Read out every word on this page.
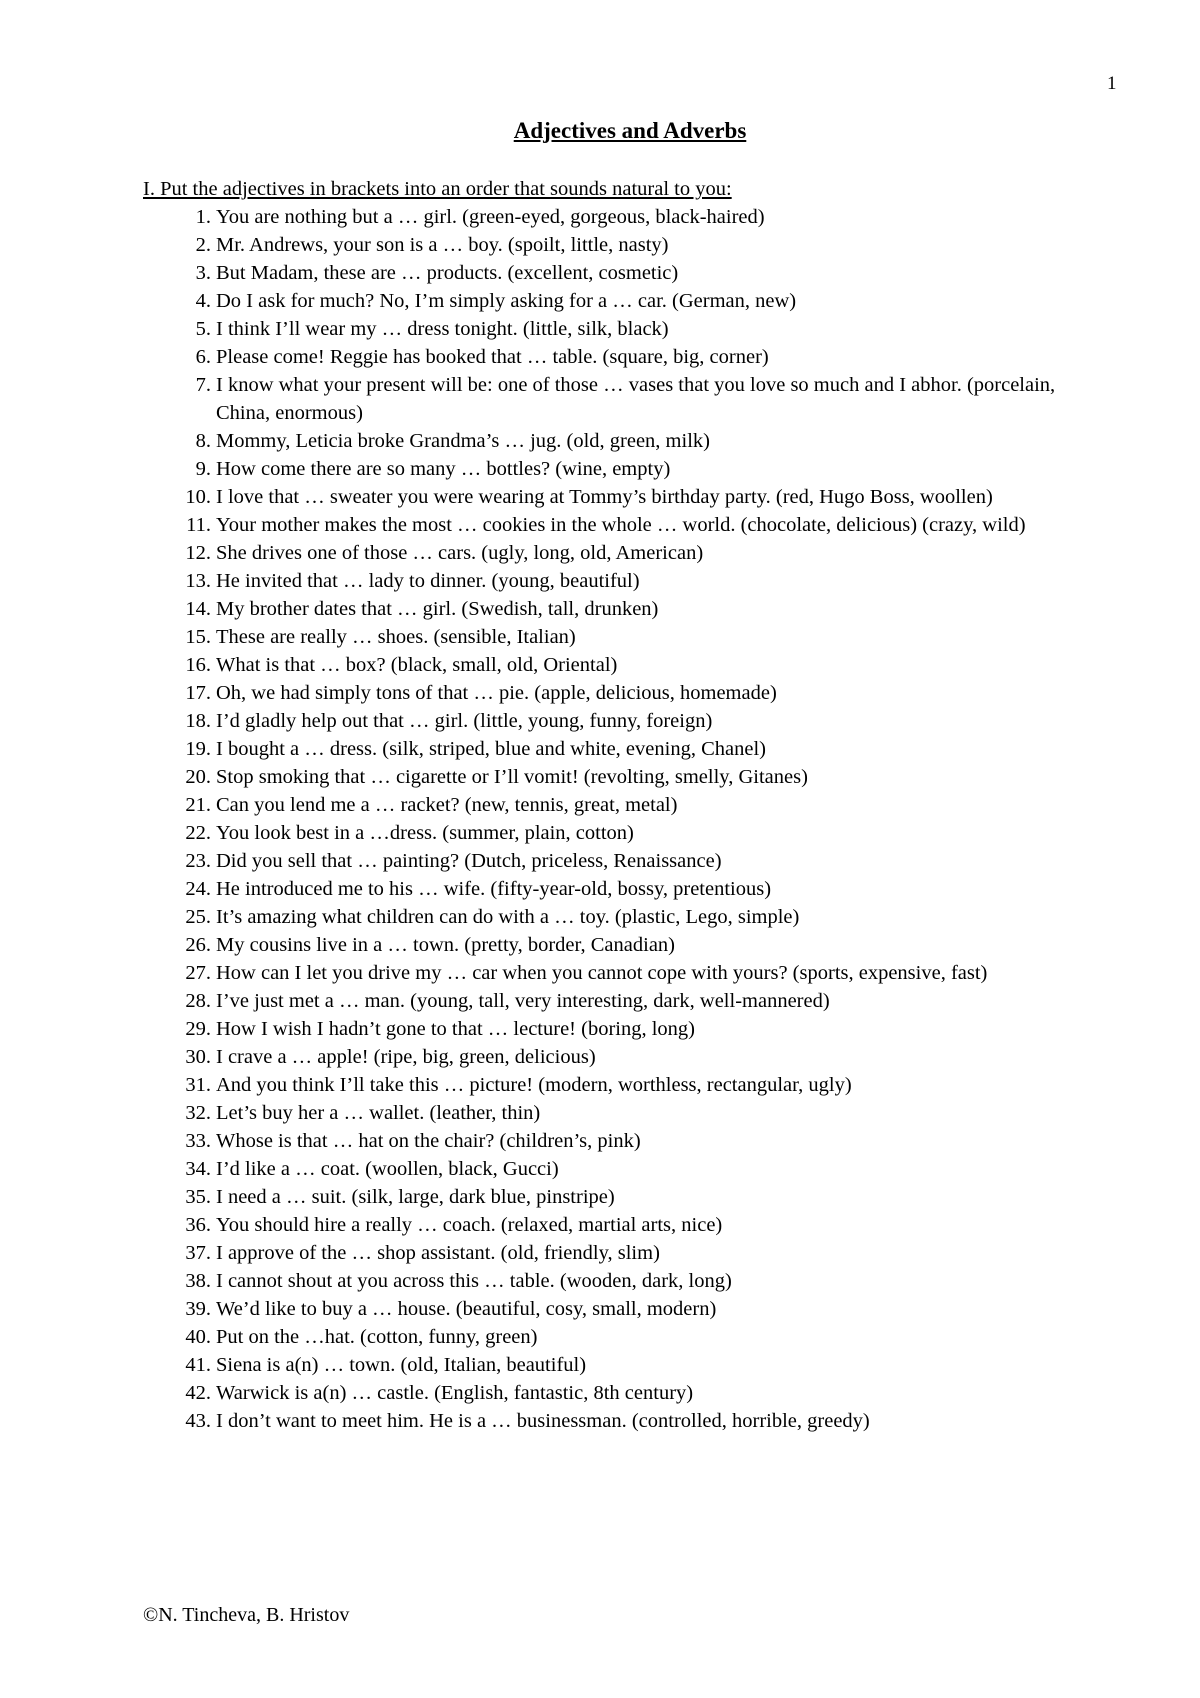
1
Adjectives and Adverbs
I. Put the adjectives in brackets into an order that sounds natural to you:
1. You are nothing but a … girl. (green-eyed, gorgeous, black-haired)
2. Mr. Andrews, your son is a … boy. (spoilt, little, nasty)
3. But Madam, these are … products. (excellent, cosmetic)
4. Do I ask for much? No, I’m simply asking for a … car. (German, new)
5. I think I’ll wear my … dress tonight. (little, silk, black)
6. Please come! Reggie has booked that … table. (square, big, corner)
7. I know what your present will be: one of those … vases that you love so much and I abhor. (porcelain, China, enormous)
8. Mommy, Leticia broke Grandma’s … jug. (old, green, milk)
9. How come there are so many … bottles? (wine, empty)
10. I love that … sweater you were wearing at Tommy’s birthday party. (red, Hugo Boss, woollen)
11. Your mother makes the most … cookies in the whole … world. (chocolate, delicious) (crazy, wild)
12. She drives one of those … cars. (ugly, long, old, American)
13. He invited that … lady to dinner. (young, beautiful)
14. My brother dates that … girl. (Swedish, tall, drunken)
15. These are really … shoes. (sensible, Italian)
16. What is that … box? (black, small, old, Oriental)
17. Oh, we had simply tons of that … pie. (apple, delicious, homemade)
18. I’d gladly help out that … girl. (little, young, funny, foreign)
19. I bought a … dress. (silk, striped, blue and white, evening, Chanel)
20. Stop smoking that … cigarette or I’ll vomit! (revolting, smelly, Gitanes)
21. Can you lend me a … racket? (new, tennis, great, metal)
22. You look best in a …dress. (summer, plain, cotton)
23. Did you sell that … painting? (Dutch, priceless, Renaissance)
24. He introduced me to his … wife. (fifty-year-old, bossy, pretentious)
25. It’s amazing what children can do with a … toy. (plastic, Lego, simple)
26. My cousins live in a … town. (pretty, border, Canadian)
27. How can I let you drive my … car when you cannot cope with yours? (sports, expensive, fast)
28. I’ve just met a … man. (young, tall, very interesting, dark, well-mannered)
29. How I wish I hadn’t gone to that … lecture! (boring, long)
30. I crave a … apple! (ripe, big, green, delicious)
31. And you think I’ll take this … picture! (modern, worthless, rectangular, ugly)
32. Let’s buy her a … wallet. (leather, thin)
33. Whose is that … hat on the chair? (children’s, pink)
34. I’d like a … coat. (woollen, black, Gucci)
35. I need a … suit. (silk, large, dark blue, pinstripe)
36. You should hire a really … coach. (relaxed, martial arts, nice)
37. I approve of the … shop assistant. (old, friendly, slim)
38. I cannot shout at you across this … table. (wooden, dark, long)
39. We’d like to buy a … house. (beautiful, cosy, small, modern)
40. Put on the …hat. (cotton, funny, green)
41. Siena is a(n) … town. (old, Italian, beautiful)
42. Warwick is a(n) … castle. (English, fantastic, 8th century)
43. I don’t want to meet him. He is a … businessman. (controlled, horrible, greedy)
©N. Tincheva, B. Hristov
